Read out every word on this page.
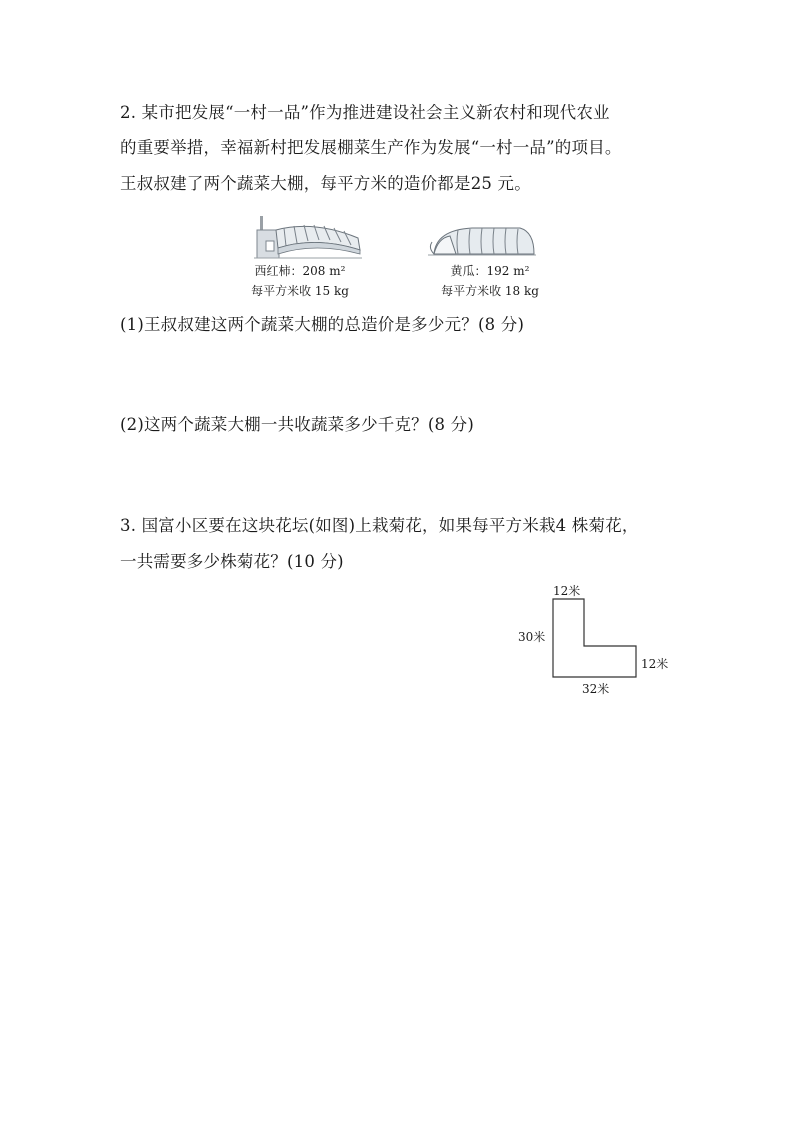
2. 某市把发展“一村一品”作为推进建设社会主义新农村和现代农业
的重要举措，幸福新村把发展棚菜生产作为发展“一村一品”的项目。
王叔叔建了两个蔬菜大棚，每平方米的造价都是25 元。
西红柿：208 m²
每平方米收 15 kg
黄瓜：192 m²
每平方米收 18 kg
(1)王叔叔建这两个蔬菜大棚的总造价是多少元？(8 分)
(2)这两个蔬菜大棚一共收蔬菜多少千克？(8 分)
3. 国富小区要在这块花坛(如图)上栽菊花，如果每平方米栽4 株菊花，
一共需要多少株菊花？(10 分)
12米
30米
12米
32米
